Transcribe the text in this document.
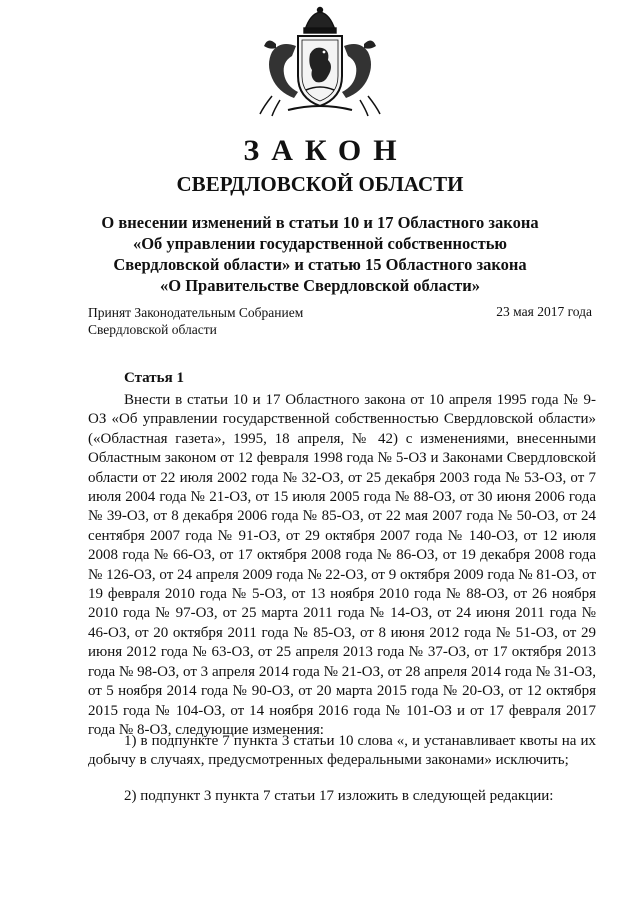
ЗАКОН
СВЕРДЛОВСКОЙ ОБЛАСТИ
О внесении изменений в статьи 10 и 17 Областного закона
«Об управлении государственной собственностью
Свердловской области» и статью 15 Областного закона
«О Правительстве Свердловской области»
Принят Законодательным Собранием
Свердловской области
23 мая 2017 года
Статья 1

Внести в статьи 10 и 17 Областного закона от 10 апреля 1995 года № 9-ОЗ «Об управлении государственной собственностью Свердловской области» («Областная газета», 1995, 18 апреля, № 42) с изменениями, внесенными Областным законом от 12 февраля 1998 года № 5-ОЗ и Законами Свердловской области от 22 июля 2002 года № 32-ОЗ, от 25 декабря 2003 года № 53-ОЗ, от 7 июля 2004 года № 21-ОЗ, от 15 июля 2005 года № 88-ОЗ, от 30 июня 2006 года № 39-ОЗ, от 8 декабря 2006 года № 85-ОЗ, от 22 мая 2007 года № 50-ОЗ, от 24 сентября 2007 года № 91-ОЗ, от 29 октября 2007 года № 140-ОЗ, от 12 июля 2008 года № 66-ОЗ, от 17 октября 2008 года № 86-ОЗ, от 19 декабря 2008 года № 126-ОЗ, от 24 апреля 2009 года № 22-ОЗ, от 9 октября 2009 года № 81-ОЗ, от 19 февраля 2010 года № 5-ОЗ, от 13 ноября 2010 года № 88-ОЗ, от 26 ноября 2010 года № 97-ОЗ, от 25 марта 2011 года № 14-ОЗ, от 24 июня 2011 года № 46-ОЗ, от 20 октября 2011 года № 85-ОЗ, от 8 июня 2012 года № 51-ОЗ, от 29 июня 2012 года № 63-ОЗ, от 25 апреля 2013 года № 37-ОЗ, от 17 октября 2013 года № 98-ОЗ, от 3 апреля 2014 года № 21-ОЗ, от 28 апреля 2014 года № 31-ОЗ, от 5 ноября 2014 года № 90-ОЗ, от 20 марта 2015 года № 20-ОЗ, от 12 октября 2015 года № 104-ОЗ, от 14 ноября 2016 года № 101-ОЗ и от 17 февраля 2017 года № 8-ОЗ, следующие изменения:

1) в подпункте 7 пункта 3 статьи 10 слова «, и устанавливает квоты на их добычу в случаях, предусмотренных федеральными законами» исключить;

2) подпункт 3 пункта 7 статьи 17 изложить в следующей редакции:
